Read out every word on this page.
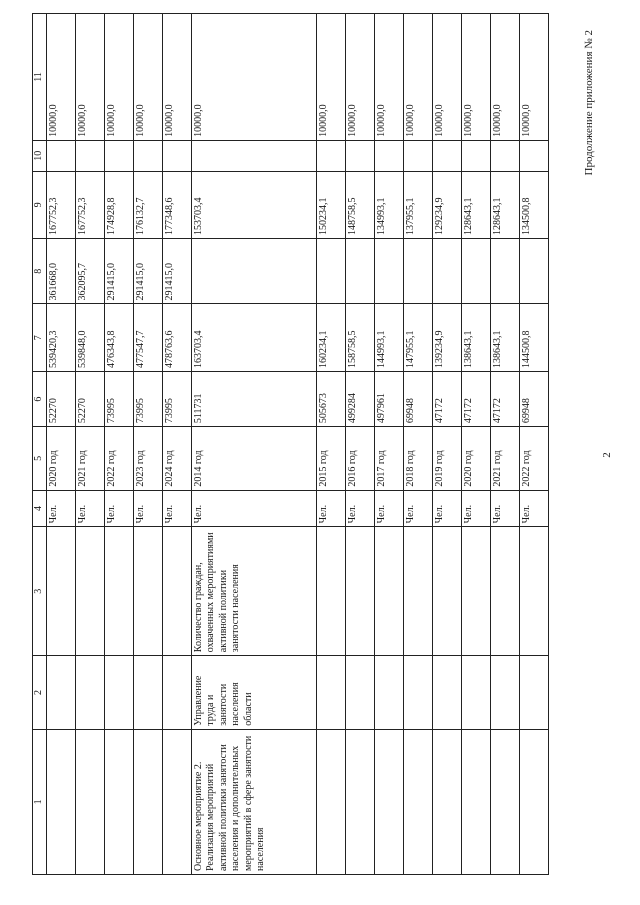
2
Продолжение приложения № 2
1	2	3	4	5	6	7	8	9	10	11
			Чел.	2020 год	52270	539420,3	361668,0	167752,3		10000,0
			Чел.	2021 год	52270	539848,0	362095,7	167752,3		10000,0
			Чел.	2022 год	73995	476343,8	291415,0	174928,8		10000,0
			Чел.	2023 год	73995	477547,7	291415,0	176132,7		10000,0
			Чел.	2024 год	73995	478763,6	291415,0	177348,6		10000,0
Основное мероприятие 2. Реализация мероприятий активной политики занятости населения и дополнительных мероприятий в сфере занятости населения	Управление труда и занятости населения области	Количество граждан, охваченных мероприятиями активной политики занятости населения	Чел.	2014 год	511731	163703,4		153703,4		10000,0
			Чел.	2015 год	505673	160234,1		150234,1		10000,0
			Чел.	2016 год	499284	158758,5		148758,5		10000,0
			Чел.	2017 год	497961	144993,1		134993,1		10000,0
			Чел.	2018 год	69948	147955,1		137955,1		10000,0
			Чел.	2019 год	47172	139234,9		129234,9		10000,0
			Чел.	2020 год	47172	138643,1		128643,1		10000,0
			Чел.	2021 год	47172	138643,1		128643,1		10000,0
			Чел.	2022 год	69948	144500,8		134500,8		10000,0
